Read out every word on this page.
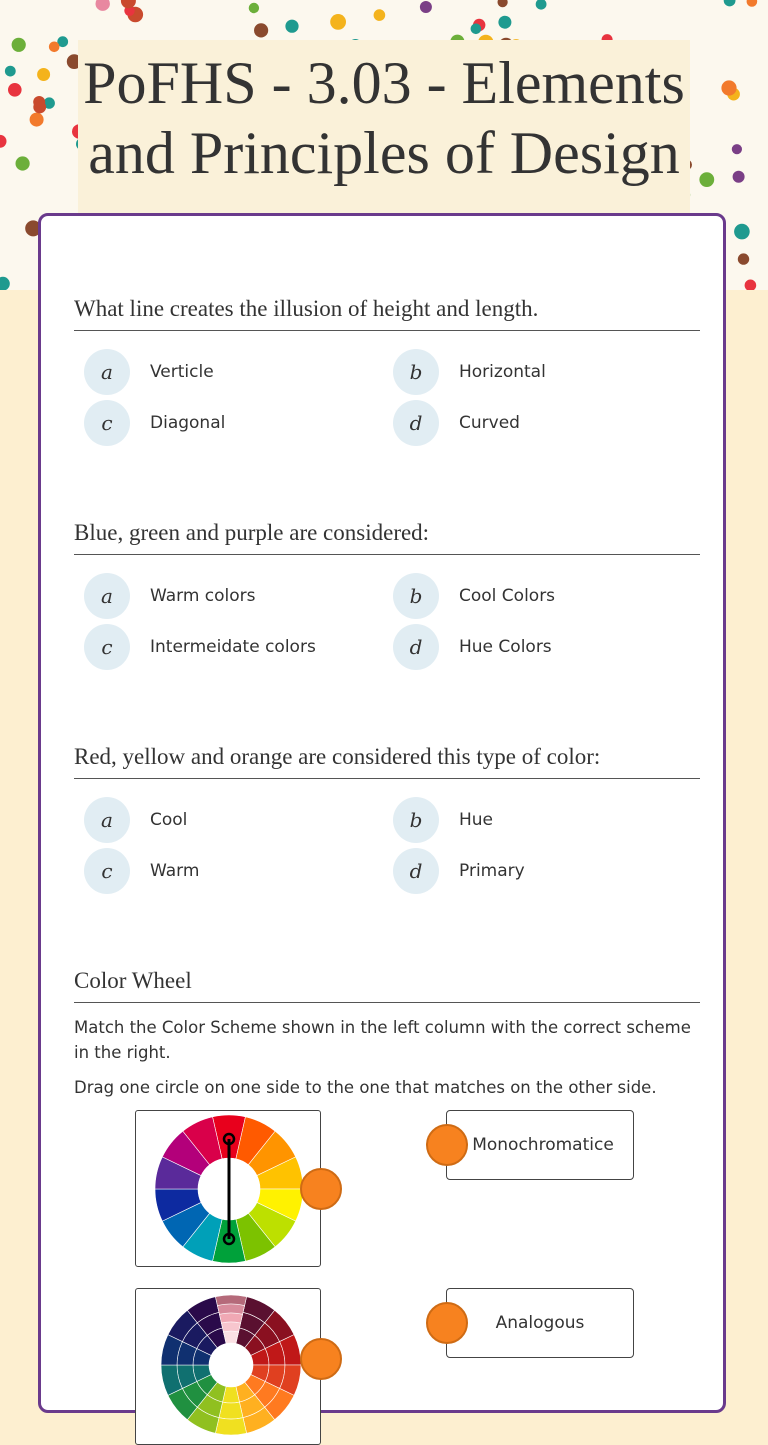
PoFHS - 3.03 - Elements and Principles of Design
What line creates the illusion of height and length.
a	Verticle	b	Horizontal
c	Diagonal	d	Curved
Blue, green and purple are considered:
a	Warm colors	b	Cool Colors
c	Intermeidate colors	d	Hue Colors
Red, yellow and orange are considered this type of color:
a	Cool	b	Hue
c	Warm	d	Primary
Color Wheel
Match the Color Scheme shown in the left column with the correct scheme in the right.
Drag one circle on one side to the one that matches on the other side.
Monochromatice
Analogous
